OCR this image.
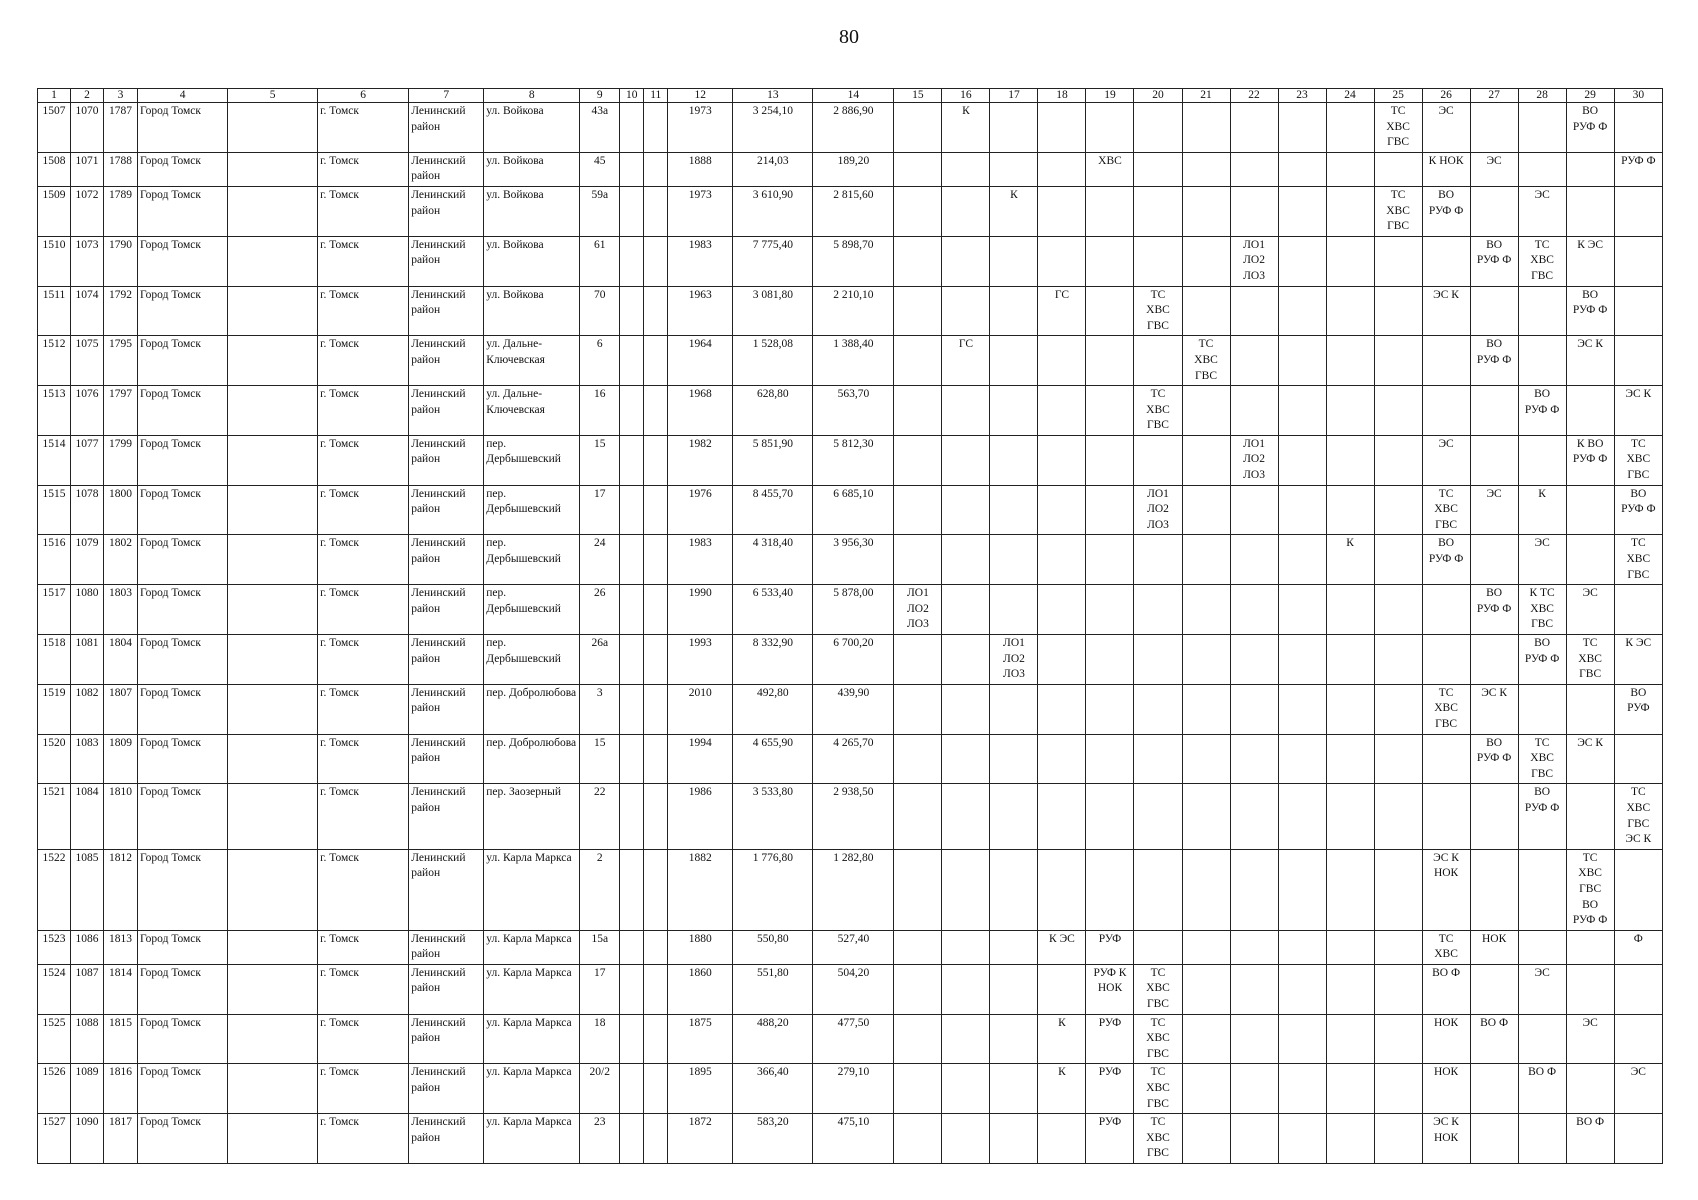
80
1	2	3	4	5	6	7	8	9	10	11	12	13	14	15	16	17	18	19	20	21	22	23	24	25	26	27	28	29	30
1507	1070	1787	Город Томск		г. Томск	Ленинский район	ул. Войкова	43а			1973	3 254,10	2 886,90		К									ТС
ХВС
ГВС	ЭС			ВО
РУФ Ф	
1508	1071	1788	Город Томск		г. Томск	Ленинский район	ул. Войкова	45			1888	214,03	189,20					ХВС							К НОК	ЭС			РУФ Ф
1509	1072	1789	Город Томск		г. Томск	Ленинский район	ул. Войкова	59а			1973	3 610,90	2 815,60			К								ТС
ХВС
ГВС	ВО
РУФ Ф		ЭС		
1510	1073	1790	Город Томск		г. Томск	Ленинский район	ул. Войкова	61			1983	7 775,40	5 898,70								ЛО1
ЛО2
ЛО3					ВО
РУФ Ф	ТС
ХВС
ГВС	К ЭС	
1511	1074	1792	Город Томск		г. Томск	Ленинский район	ул. Войкова	70			1963	3 081,80	2 210,10				ГС		ТС
ХВС
ГВС						ЭС К			ВО
РУФ Ф	
1512	1075	1795	Город Томск		г. Томск	Ленинский район	ул. Дальне-Ключевская	6			1964	1 528,08	1 388,40		ГС					ТС
ХВС
ГВС						ВО
РУФ Ф		ЭС К	
1513	1076	1797	Город Томск		г. Томск	Ленинский район	ул. Дальне-Ключевская	16			1968	628,80	563,70						ТС
ХВС
ГВС								ВО
РУФ Ф		ЭС К
1514	1077	1799	Город Томск		г. Томск	Ленинский район	пер. Дербышевский	15			1982	5 851,90	5 812,30								ЛО1
ЛО2
ЛО3				ЭС			К ВО
РУФ Ф	ТС
ХВС
ГВС
1515	1078	1800	Город Томск		г. Томск	Ленинский район	пер. Дербышевский	17			1976	8 455,70	6 685,10						ЛО1
ЛО2
ЛО3						ТС
ХВС
ГВС	ЭС	К		ВО
РУФ Ф
1516	1079	1802	Город Томск		г. Томск	Ленинский район	пер. Дербышевский	24			1983	4 318,40	3 956,30										К		ВО
РУФ Ф		ЭС		ТС
ХВС
ГВС
1517	1080	1803	Город Томск		г. Томск	Ленинский район	пер. Дербышевский	26			1990	6 533,40	5 878,00	ЛО1
ЛО2
ЛО3												ВО
РУФ Ф	К ТС
ХВС
ГВС	ЭС	
1518	1081	1804	Город Томск		г. Томск	Ленинский район	пер. Дербышевский	26а			1993	8 332,90	6 700,20			ЛО1
ЛО2
ЛО3											ВО
РУФ Ф	ТС
ХВС
ГВС	К ЭС
1519	1082	1807	Город Томск		г. Томск	Ленинский район	пер. Добролюбова	3			2010	492,80	439,90												ТС
ХВС
ГВС	ЭС К			ВО
РУФ
1520	1083	1809	Город Томск		г. Томск	Ленинский район	пер. Добролюбова	15			1994	4 655,90	4 265,70													ВО
РУФ Ф	ТС
ХВС
ГВС	ЭС К	
1521	1084	1810	Город Томск		г. Томск	Ленинский район	пер. Заозерный	22			1986	3 533,80	2 938,50														ВО
РУФ Ф		ТС
ХВС
ГВС
ЭС К
1522	1085	1812	Город Томск		г. Томск	Ленинский район	ул. Карла Маркса	2			1882	1 776,80	1 282,80												ЭС К
НОК			ТС
ХВС
ГВС
ВО
РУФ Ф	
1523	1086	1813	Город Томск		г. Томск	Ленинский район	ул. Карла Маркса	15а			1880	550,80	527,40				К ЭС	РУФ							ТС
ХВС	НОК			Ф
1524	1087	1814	Город Томск		г. Томск	Ленинский район	ул. Карла Маркса	17			1860	551,80	504,20					РУФ К
НОК	ТС
ХВС
ГВС						ВО Ф		ЭС		
1525	1088	1815	Город Томск		г. Томск	Ленинский район	ул. Карла Маркса	18			1875	488,20	477,50				К	РУФ	ТС
ХВС
ГВС						НОК	ВО Ф		ЭС	
1526	1089	1816	Город Томск		г. Томск	Ленинский район	ул. Карла Маркса	20/2			1895	366,40	279,10				К	РУФ	ТС
ХВС
ГВС						НОК		ВО Ф		ЭС
1527	1090	1817	Город Томск		г. Томск	Ленинский район	ул. Карла Маркса	23			1872	583,20	475,10					РУФ	ТС
ХВС
ГВС						ЭС К
НОК			ВО Ф	
